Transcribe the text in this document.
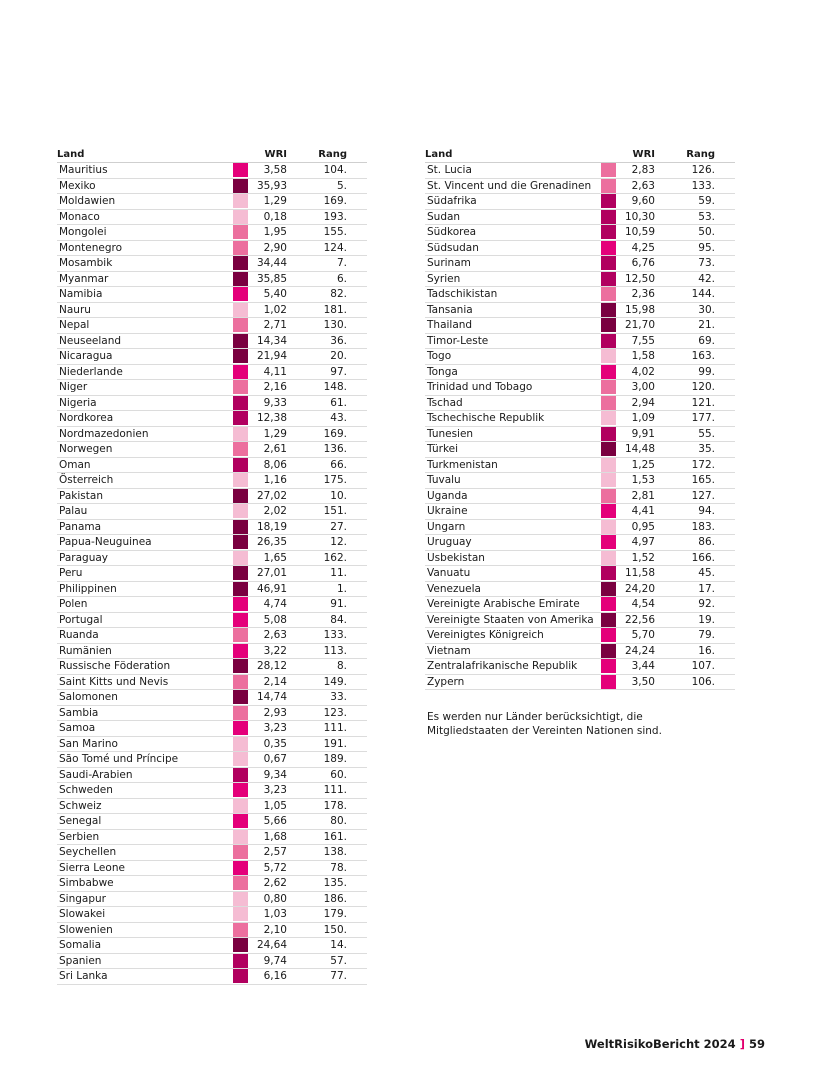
Land		WRI	Rang
Mauritius		3,58	104.
Mexiko		35,93	5.
Moldawien		1,29	169.
Monaco		0,18	193.
Mongolei		1,95	155.
Montenegro		2,90	124.
Mosambik		34,44	7.
Myanmar		35,85	6.
Namibia		5,40	82.
Nauru		1,02	181.
Nepal		2,71	130.
Neuseeland		14,34	36.
Nicaragua		21,94	20.
Niederlande		4,11	97.
Niger		2,16	148.
Nigeria		9,33	61.
Nordkorea		12,38	43.
Nordmazedonien		1,29	169.
Norwegen		2,61	136.
Oman		8,06	66.
Österreich		1,16	175.
Pakistan		27,02	10.
Palau		2,02	151.
Panama		18,19	27.
Papua-Neuguinea		26,35	12.
Paraguay		1,65	162.
Peru		27,01	11.
Philippinen		46,91	1.
Polen		4,74	91.
Portugal		5,08	84.
Ruanda		2,63	133.
Rumänien		3,22	113.
Russische Föderation		28,12	8.
Saint Kitts und Nevis		2,14	149.
Salomonen		14,74	33.
Sambia		2,93	123.
Samoa		3,23	111.
San Marino		0,35	191.
São Tomé und Príncipe		0,67	189.
Saudi-Arabien		9,34	60.
Schweden		3,23	111.
Schweiz		1,05	178.
Senegal		5,66	80.
Serbien		1,68	161.
Seychellen		2,57	138.
Sierra Leone		5,72	78.
Simbabwe		2,62	135.
Singapur		0,80	186.
Slowakei		1,03	179.
Slowenien		2,10	150.
Somalia		24,64	14.
Spanien		9,74	57.
Sri Lanka		6,16	77.
Land		WRI	Rang
St. Lucia		2,83	126.
St. Vincent und die Grenadinen		2,63	133.
Südafrika		9,60	59.
Sudan		10,30	53.
Südkorea		10,59	50.
Südsudan		4,25	95.
Surinam		6,76	73.
Syrien		12,50	42.
Tadschikistan		2,36	144.
Tansania		15,98	30.
Thailand		21,70	21.
Timor-Leste		7,55	69.
Togo		1,58	163.
Tonga		4,02	99.
Trinidad und Tobago		3,00	120.
Tschad		2,94	121.
Tschechische Republik		1,09	177.
Tunesien		9,91	55.
Türkei		14,48	35.
Turkmenistan		1,25	172.
Tuvalu		1,53	165.
Uganda		2,81	127.
Ukraine		4,41	94.
Ungarn		0,95	183.
Uruguay		4,97	86.
Usbekistan		1,52	166.
Vanuatu		11,58	45.
Venezuela		24,20	17.
Vereinigte Arabische Emirate		4,54	92.
Vereinigte Staaten von Amerika		22,56	19.
Vereinigtes Königreich		5,70	79.
Vietnam		24,24	16.
Zentralafrikanische Republik		3,44	107.
Zypern		3,50	106.

Es werden nur Länder berücksichtigt, die Mitgliedstaaten der Vereinten Nationen sind.

WeltRisikoBericht 2024 ] 59
